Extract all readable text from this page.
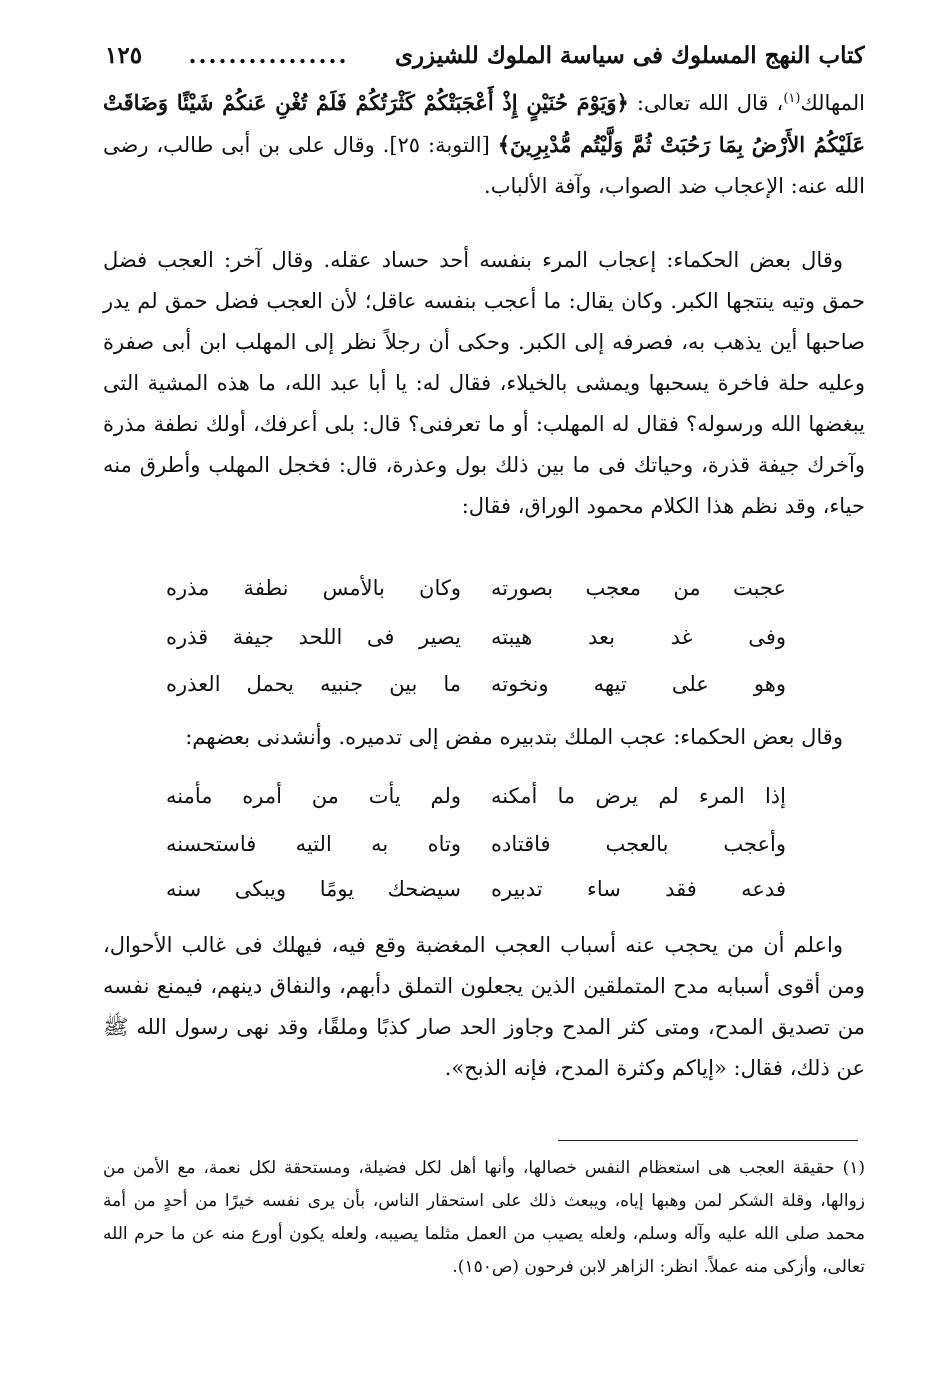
كتاب النهج المسلوك فى سياسة الملوك للشيزرى
................
١٢٥
المهالك$^{(١)}$، قال الله تعالى: ﴿وَيَوْمَ حُنَيْنٍ إِذْ أَعْجَبَتْكُمْ كَثْرَتُكُمْ فَلَمْ تُغْنِ عَنكُمْ شَيْئًا وَضَاقَتْ عَلَيْكُمُ الأَرْضُ بِمَا رَحُبَتْ ثُمَّ وَلَّيْتُم مُّدْبِرِينَ﴾ [التوبة: ٢٥]. وقال على بن أبى طالب، رضى الله عنه: الإعجاب ضد الصواب، وآفة الألباب.
وقال بعض الحكماء: إعجاب المرء بنفسه أحد حساد عقله. وقال آخر: العجب فضل حمق وتيه ينتجها الكبر. وكان يقال: ما أعجب بنفسه عاقل؛ لأن العجب فضل حمق لم يدر صاحبها أين يذهب به، فصرفه إلى الكبر. وحكى أن رجلاً نظر إلى المهلب ابن أبى صفرة وعليه حلة فاخرة يسحبها ويمشى بالخيلاء، فقال له: يا أبا عبد الله، ما هذه المشية التى يبغضها الله ورسوله؟ فقال له المهلب: أو ما تعرفنى؟ قال: بلى أعرفك، أولك نطفة مذرة وآخرك جيفة قذرة، وحياتك فى ما بين ذلك بول وعذرة، قال: فخجل المهلب وأطرق منه حياء، وقد نظم هذا الكلام محمود الوراق، فقال:
عجبت من معجب بصورته
وكان بالأمس نطفة مذره
وفى غد بعد هيبته
يصير فى اللحد جيفة قذره
وهو على تيهه ونخوته
ما بين جنبيه يحمل العذره
وقال بعض الحكماء: عجب الملك بتدبيره مفض إلى تدميره. وأنشدنى بعضهم:
إذا المرء لم يرض ما أمكنه
ولم يأت من أمره مأمنه
وأعجب بالعجب فاقتاده
وتاه به التيه فاستحسنه
فدعه فقد ساء تدبيره
سيضحك يومًا ويبكى سنه
واعلم أن من يحجب عنه أسباب العجب المغضبة وقع فيه، فيهلك فى غالب الأحوال، ومن أقوى أسبابه مدح المتملقين الذين يجعلون التملق دأبهم، والنفاق دينهم، فيمنع نفسه من تصديق المدح، ومتى كثر المدح وجاوز الحد صار كذبًا وملقًا، وقد نهى رسول الله ﷺ عن ذلك، فقال: «إياكم وكثرة المدح، فإنه الذبح».
(١) حقيقة العجب هى استعظام النفس خصالها، وأنها أهل لكل فضيلة، ومستحقة لكل نعمة، مع الأمن من زوالها، وقلة الشكر لمن وهبها إياه، ويبعث ذلك على استحقار الناس، بأن يرى نفسه خيرًا من أحدٍ من أمة محمد صلى الله عليه وآله وسلم، ولعله يصيب من العمل مثلما يصيبه، ولعله يكون أورع منه عن ما حرم الله تعالى، وأزكى منه عملاً. انظر: الزاهر لابن فرحون (ص١٥٠).
